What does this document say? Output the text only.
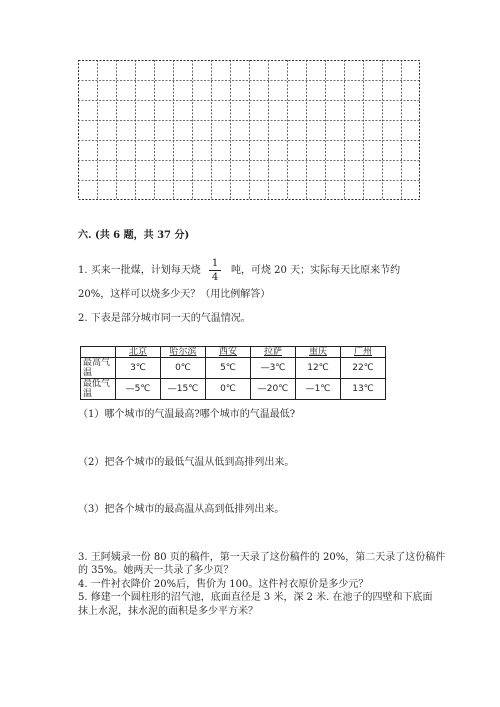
六. (共 6 题，共 37 分)
1. 买来一批煤，计划每天烧
1
4
吨，可烧 20 天；实际每天比原来节约
20%，这样可以烧多少天？（用比例解答）
2. 下表是部分城市同一天的气温情况。
	北京	哈尔滨	西安	拉萨	重庆	广州
最高气温	3℃	0℃	5℃	—3℃	12℃	22℃
最低气温	—5℃	—15℃	0℃	—20℃	—1℃	13℃
（1）哪个城市的气温最高?哪个城市的气温最低?
（2）把各个城市的最低气温从低到高排列出来。
（3）把各个城市的最高温从高到低排列出来。
3. 王阿姨录一份 80 页的稿件，第一天录了这份稿件的 20%，第二天录了这份稿件
的 35%。她两天一共录了多少页？
4. 一件衬衣降价 20%后，售价为 100。这件衬衣原价是多少元？
5. 修建一个圆柱形的沼气池，底面直径是 3 米，深 2 米. 在池子的四壁和下底面
抹上水泥，抹水泥的面积是多少平方米？
